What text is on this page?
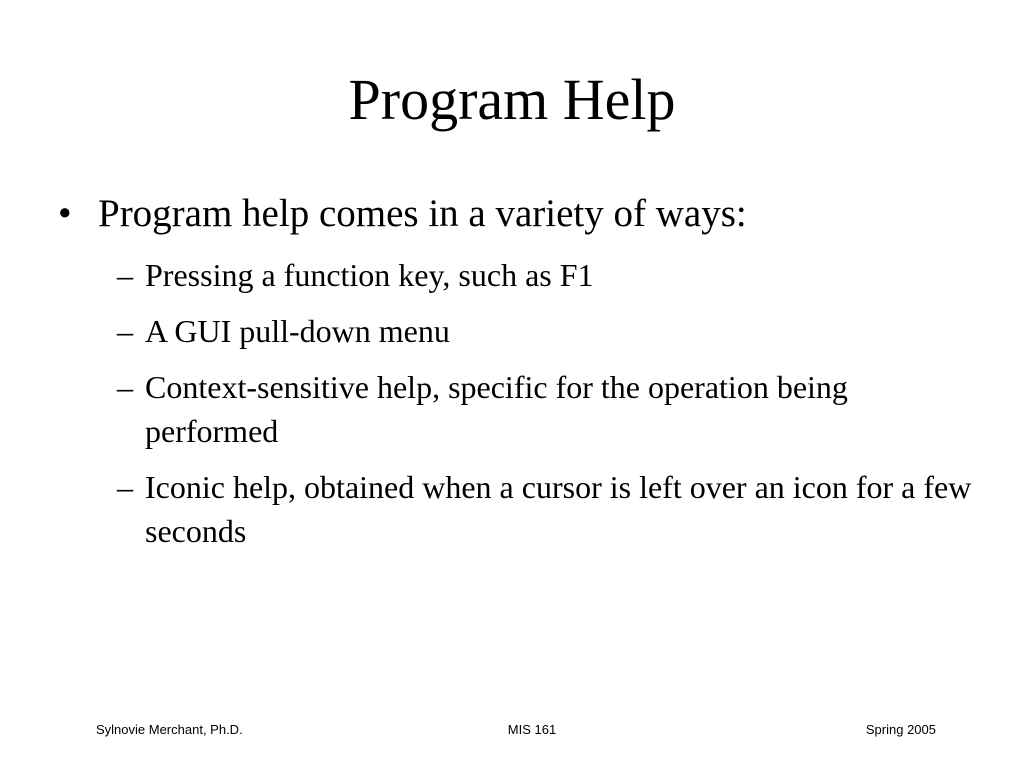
Program Help
• Program help comes in a variety of ways:
– Pressing a function key, such as F1
– A GUI pull-down menu
– Context-sensitive help, specific for the operation being performed
– Iconic help, obtained when a cursor is left over an icon for a few seconds
Sylnovie Merchant, Ph.D.	MIS 161	Spring 2005
